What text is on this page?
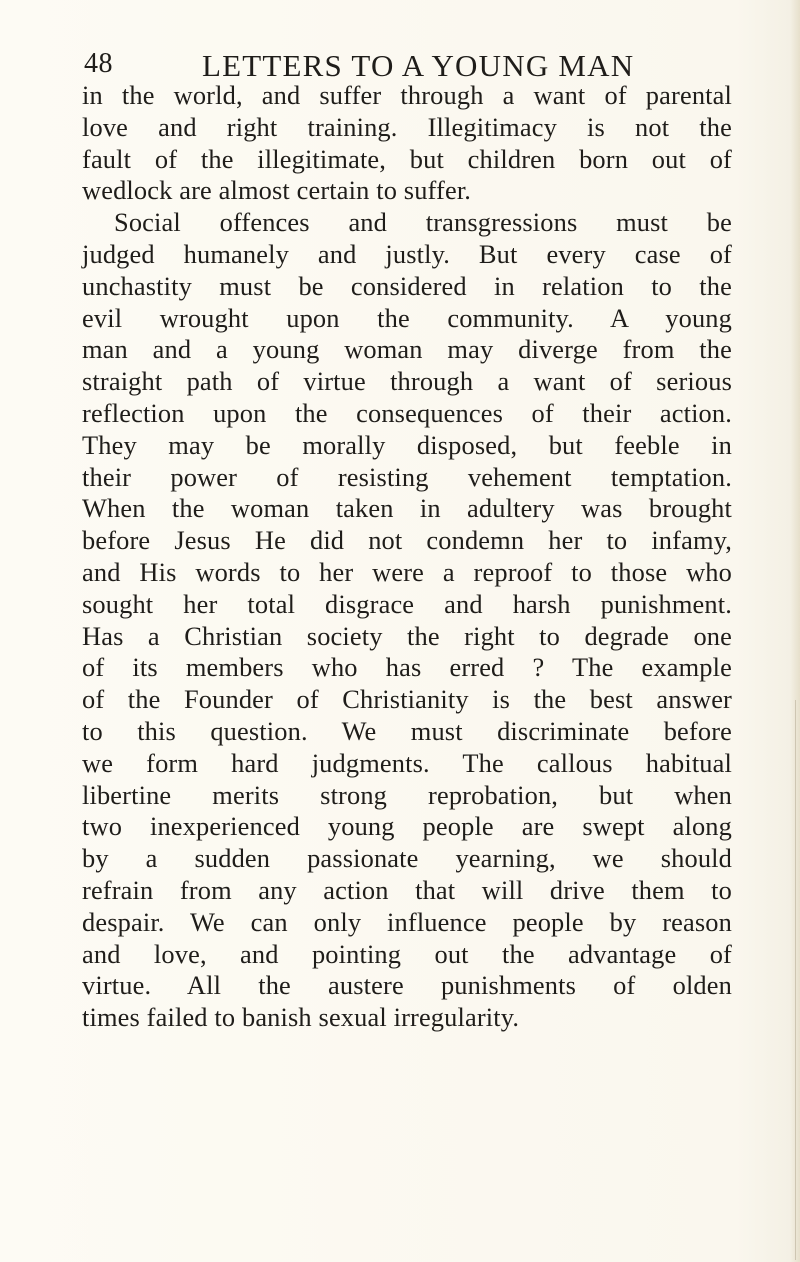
48	LETTERS TO A YOUNG MAN
in the world, and suffer through a want of parental
love and right training. Illegitimacy is not the
fault of the illegitimate, but children born out of
wedlock are almost certain to suffer.
Social offences and transgressions must be
judged humanely and justly. But every case of
unchastity must be considered in relation to the
evil wrought upon the community. A young
man and a young woman may diverge from the
straight path of virtue through a want of serious
reflection upon the consequences of their action.
They may be morally disposed, but feeble in
their power of resisting vehement temptation.
When the woman taken in adultery was brought
before Jesus He did not condemn her to infamy,
and His words to her were a reproof to those who
sought her total disgrace and harsh punishment.
Has a Christian society the right to degrade one
of its members who has erred ? The example
of the Founder of Christianity is the best answer
to this question. We must discriminate before
we form hard judgments. The callous habitual
libertine merits strong reprobation, but when
two inexperienced young people are swept along
by a sudden passionate yearning, we should
refrain from any action that will drive them to
despair. We can only influence people by reason
and love, and pointing out the advantage of
virtue. All the austere punishments of olden
times failed to banish sexual irregularity.
